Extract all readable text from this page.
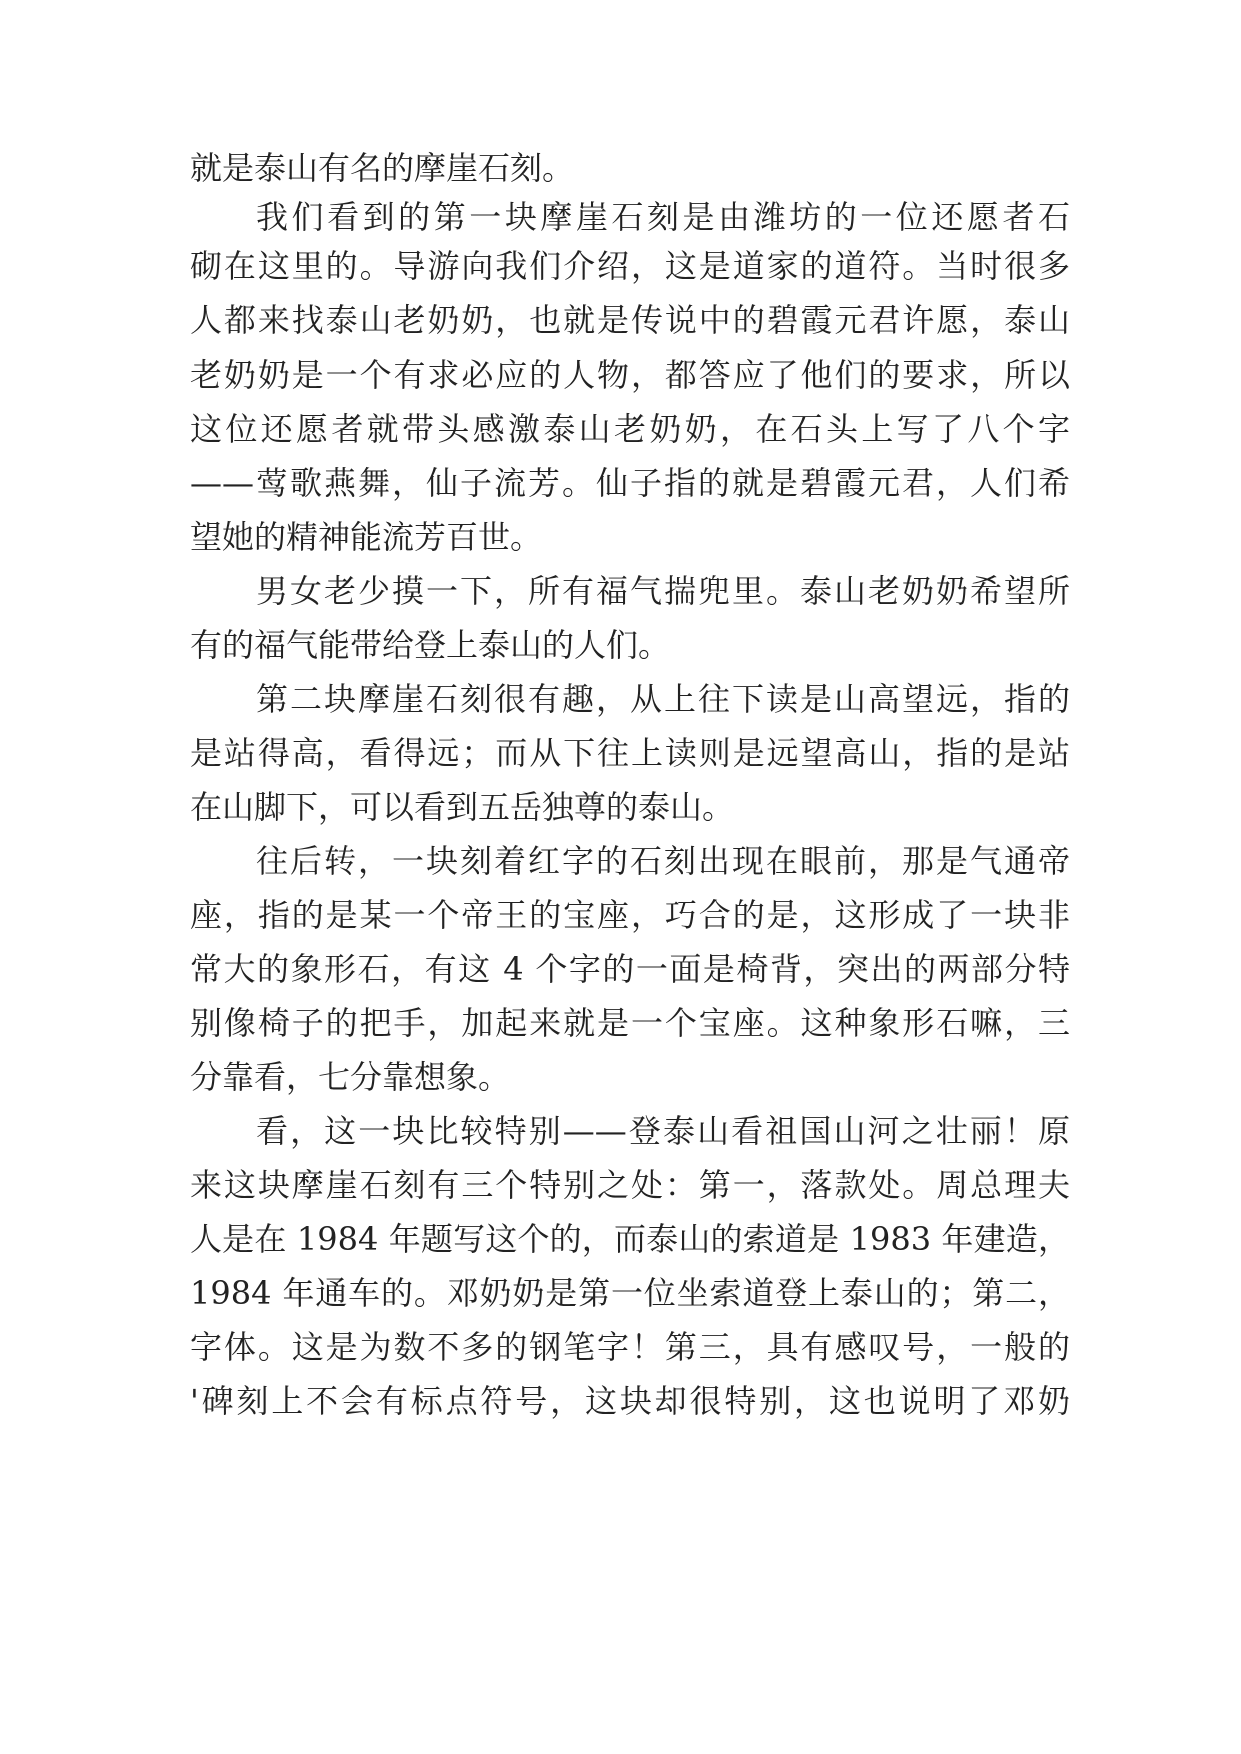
就是泰山有名的摩崖石刻。
我们看到的第一块摩崖石刻是由潍坊的一位还愿者石
砌在这里的。导游向我们介绍，这是道家的道符。当时很多
人都来找泰山老奶奶，也就是传说中的碧霞元君许愿，泰山
老奶奶是一个有求必应的人物，都答应了他们的要求，所以
这位还愿者就带头感激泰山老奶奶，在石头上写了八个字
——莺歌燕舞，仙子流芳。仙子指的就是碧霞元君，人们希
望她的精神能流芳百世。
男女老少摸一下，所有福气揣兜里。泰山老奶奶希望所
有的福气能带给登上泰山的人们。
第二块摩崖石刻很有趣，从上往下读是山高望远，指的
是站得高，看得远；而从下往上读则是远望高山，指的是站
在山脚下，可以看到五岳独尊的泰山。
往后转，一块刻着红字的石刻出现在眼前，那是气通帝
座，指的是某一个帝王的宝座，巧合的是，这形成了一块非
常大的象形石，有这 4 个字的一面是椅背，突出的两部分特
别像椅子的把手，加起来就是一个宝座。这种象形石嘛，三
分靠看，七分靠想象。
看，这一块比较特别——登泰山看祖国山河之壮丽！原
来这块摩崖石刻有三个特别之处：第一，落款处。周总理夫
人是在 1984 年题写这个的，而泰山的索道是 1983 年建造，
1984 年通车的。邓奶奶是第一位坐索道登上泰山的；第二，
字体。这是为数不多的钢笔字！第三，具有感叹号，一般的
'碑刻上不会有标点符号，这块却很特别，这也说明了邓奶
